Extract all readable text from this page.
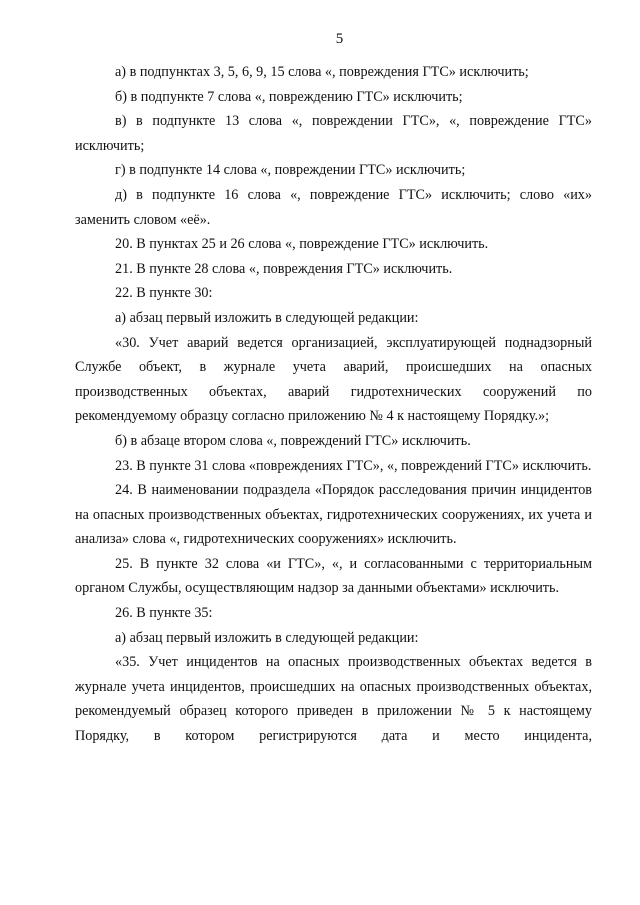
5

а) в подпунктах 3, 5, 6, 9, 15 слова «, повреждения ГТС» исключить;

б) в подпункте 7 слова «, повреждению ГТС» исключить;

в) в подпункте 13 слова «, повреждении ГТС», «, повреждение ГТС» исключить;

г) в подпункте 14 слова «, повреждении ГТС» исключить;

д) в подпункте 16 слова «, повреждение ГТС» исключить; слово «их» заменить словом «её».

20. В пунктах 25 и 26 слова «, повреждение ГТС» исключить.

21. В пункте 28 слова «, повреждения ГТС» исключить.

22. В пункте 30:

а) абзац первый изложить в следующей редакции:

«30. Учет аварий ведется организацией, эксплуатирующей поднадзорный Службе объект, в журнале учета аварий, происшедших на опасных производственных объектах, аварий гидротехнических сооружений по рекомендуемому образцу согласно приложению № 4 к настоящему Порядку.»;

б) в абзаце втором слова «, повреждений ГТС» исключить.

23. В пункте 31 слова «повреждениях ГТС», «, повреждений ГТС» исключить.

24. В наименовании подраздела «Порядок расследования причин инцидентов на опасных производственных объектах, гидротехнических сооружениях, их учета и анализа» слова «, гидротехнических сооружениях» исключить.

25. В пункте 32 слова «и ГТС», «, и согласованными с территориальным органом Службы, осуществляющим надзор за данными объектами» исключить.

26. В пункте 35:

а) абзац первый изложить в следующей редакции:

«35. Учет инцидентов на опасных производственных объектах ведется в журнале учета инцидентов, происшедших на опасных производственных объектах, рекомендуемый образец которого приведен в приложении № 5 к настоящему Порядку, в котором регистрируются дата и место инцидента,
